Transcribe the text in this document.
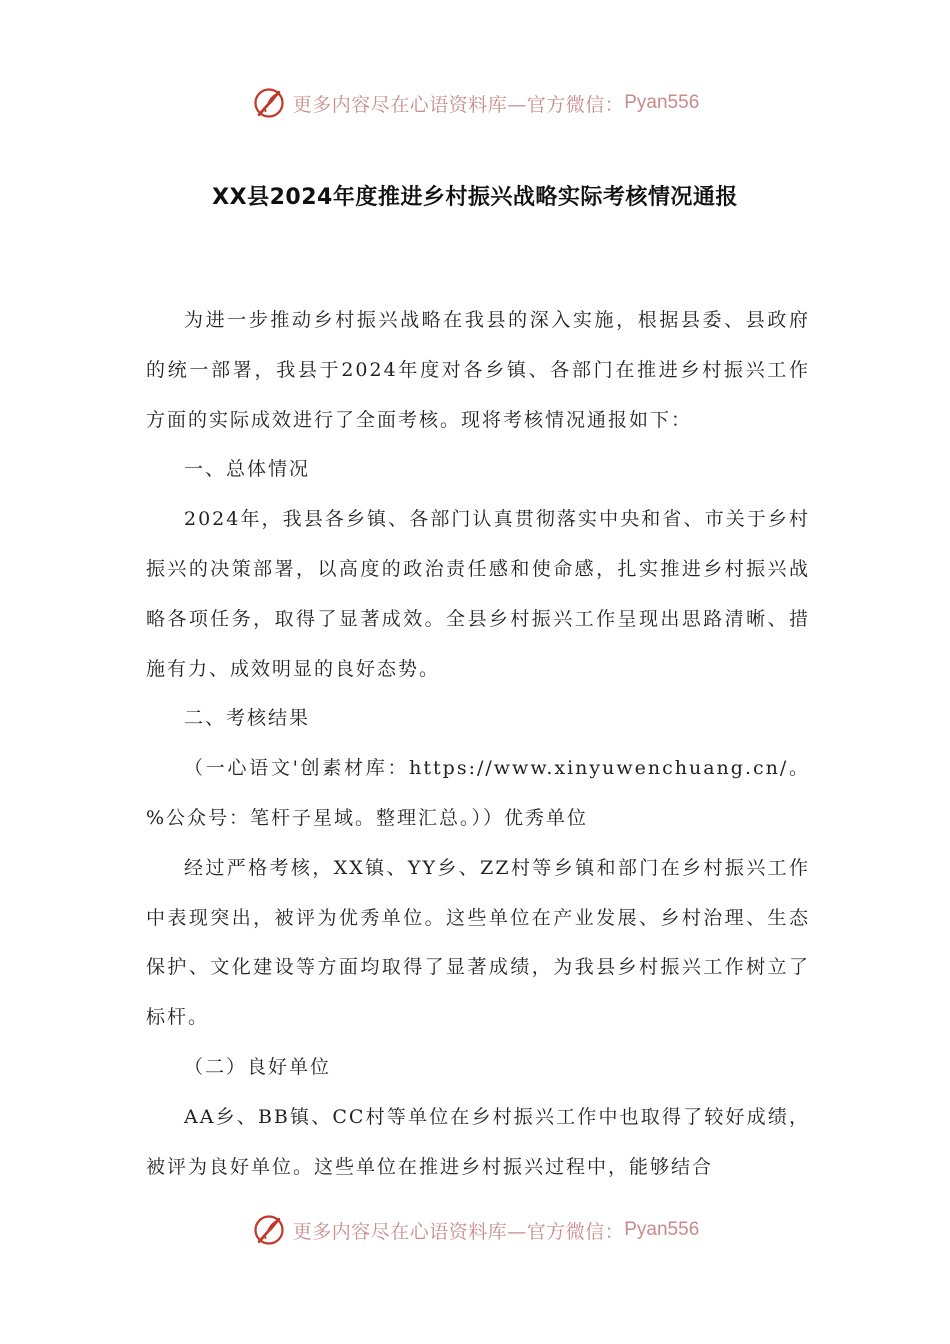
更多内容尽在心语资料库—官方微信： Pyan556
XX县2024年度推进乡村振兴战略实际考核情况通报

为进一步推动乡村振兴战略在我县的深入实施，根据县委、县政府的统一部署，我县于2024年度对各乡镇、各部门在推进乡村振兴工作方面的实际成效进行了全面考核。现将考核情况通报如下：

一、总体情况

2024年，我县各乡镇、各部门认真贯彻落实中央和省、市关于乡村振兴的决策部署，以高度的政治责任感和使命感，扎实推进乡村振兴战略各项任务，取得了显著成效。全县乡村振兴工作呈现出思路清晰、措施有力、成效明显的良好态势。

二、考核结果

（一心语文'创素材库：https://www.xinyuwenchuang.cn/。%公众号：笔杆子星域。整理汇总。））优秀单位

经过严格考核，XX镇、YY乡、ZZ村等乡镇和部门在乡村振兴工作中表现突出，被评为优秀单位。这些单位在产业发展、乡村治理、生态保护、文化建设等方面均取得了显著成绩，为我县乡村振兴工作树立了标杆。

（二）良好单位

AA乡、BB镇、CC村等单位在乡村振兴工作中也取得了较好成绩，被评为良好单位。这些单位在推进乡村振兴过程中，能够结合

更多内容尽在心语资料库—官方微信： Pyan556
